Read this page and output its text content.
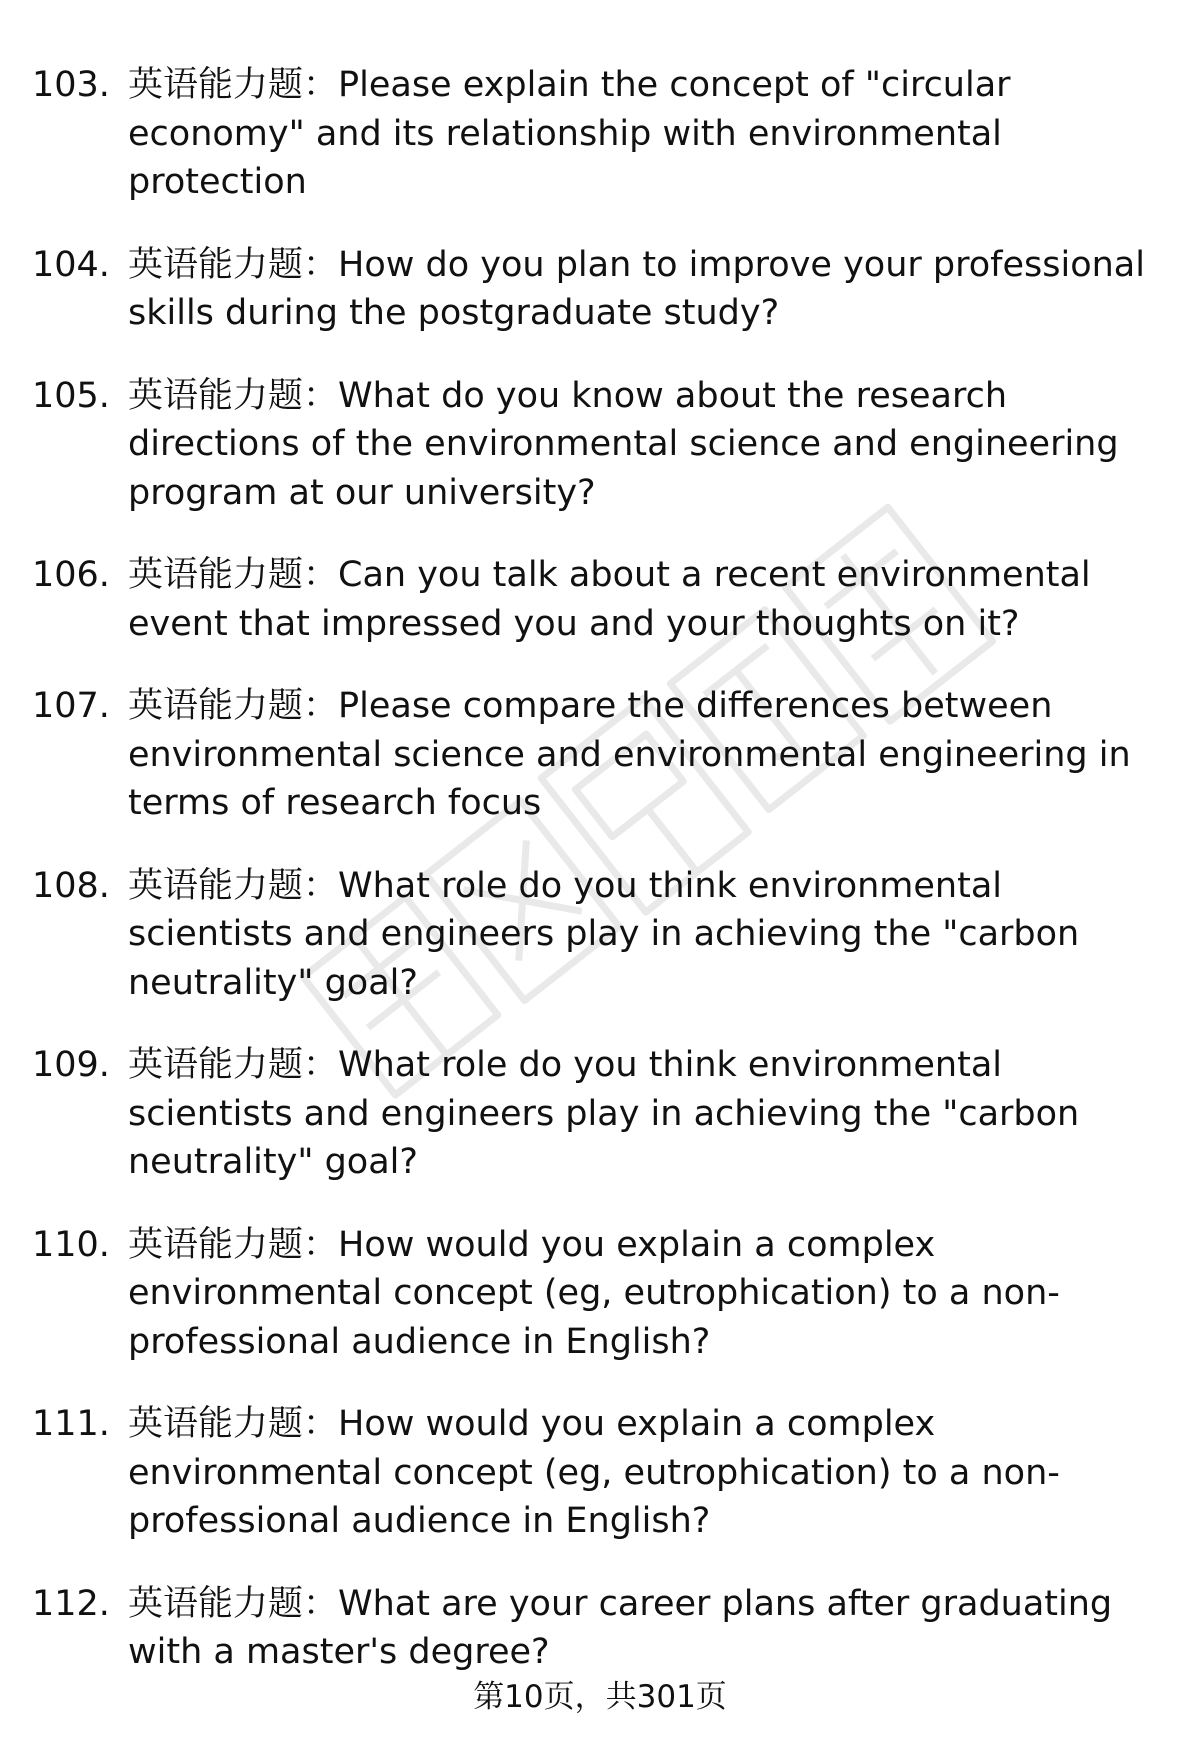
103. 英语能力题：Please explain the concept of "circular economy" and its relationship with environmental protection
104. 英语能力题：How do you plan to improve your professional skills during the postgraduate study?
105. 英语能力题：What do you know about the research directions of the environmental science and engineering program at our university?
106. 英语能力题：Can you talk about a recent environmental event that impressed you and your thoughts on it?
107. 英语能力题：Please compare the differences between environmental science and environmental engineering in terms of research focus
108. 英语能力题：What role do you think environmental scientists and engineers play in achieving the "carbon neutrality" goal?
109. 英语能力题：What role do you think environmental scientists and engineers play in achieving the "carbon neutrality" goal?
110. 英语能力题：How would you explain a complex environmental concept (eg, eutrophication) to a non-professional audience in English?
111. 英语能力题：How would you explain a complex environmental concept (eg, eutrophication) to a non-professional audience in English?
112. 英语能力题：What are your career plans after graduating with a master's degree?
第10页，共301页
